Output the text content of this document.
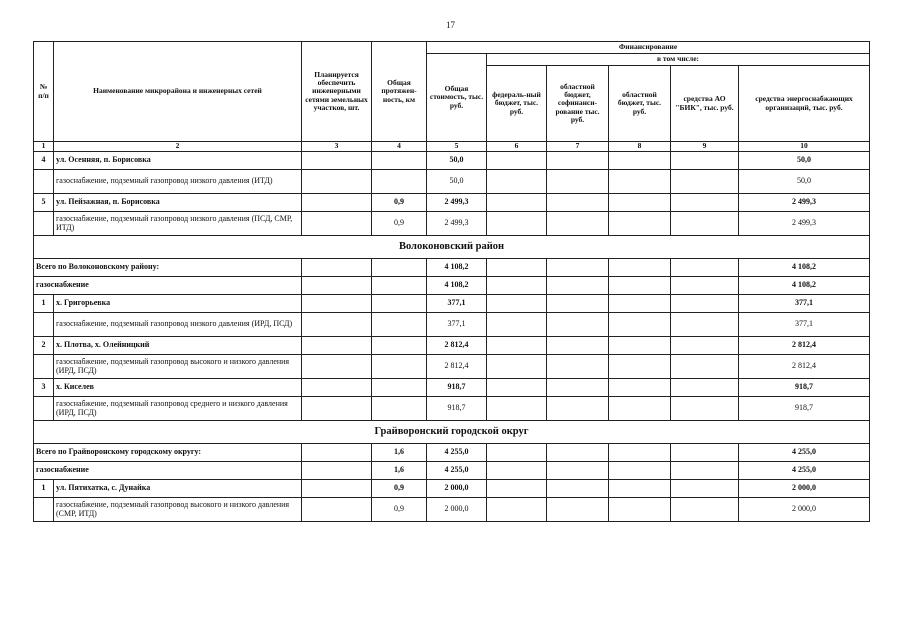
17
№ п/п	Наименование микрорайона и инженерных сетей	Планируется обеспечить инженерными сетями земельных участков, шт.	Общая протяжен-ность, км	Финансирование					
				Общая стоимость, тыс. руб.	в том числе:				
					федераль-ный бюджет, тыс. руб.	областной бюджет, софинанси-рование тыс. руб.	областной бюджет, тыс. руб.	средства АО "БИК", тыс. руб.	средства энергоснабжающих организаций, тыс. руб.
1	2	3	4	5	6	7	8	9	10
4	ул. Осенняя, п. Борисовка			50,0					50,0
	газоснабжение, подземный газопровод низкого давления (ИТД)			50,0					50,0
5	ул. Пейзажная, п. Борисовка		0,9	2 499,3					2 499,3
	газоснабжение, подземный газопровод низкого давления (ПСД, СМР, ИТД)		0,9	2 499,3					2 499,3
Волоконовский район									
Всего по Волоконовскому району:				4 108,2					4 108,2
газоснабжение				4 108,2					4 108,2
1	х. Григорьевка			377,1					377,1
	газоснабжение, подземный газопровод низкого давления (ИРД, ПСД)			377,1					377,1
2	х. Плотва, х. Олейницкий			2 812,4					2 812,4
	газоснабжение, подземный газопровод высокого и низкого давления (ИРД, ПСД)			2 812,4					2 812,4
3	х. Киселев			918,7					918,7
	газоснабжение, подземный газопровод среднего и низкого давления (ИРД, ПСД)			918,7					918,7
Грайворонский городской округ									
Всего по Грайворонскому городскому округу:			1,6	4 255,0					4 255,0
газоснабжение			1,6	4 255,0					4 255,0
1	ул. Пятихатка, с. Дунайка		0,9	2 000,0					2 000,0
	газоснабжение, подземный газопровод высокого и низкого давления (СМР, ИТД)		0,9	2 000,0					2 000,0
